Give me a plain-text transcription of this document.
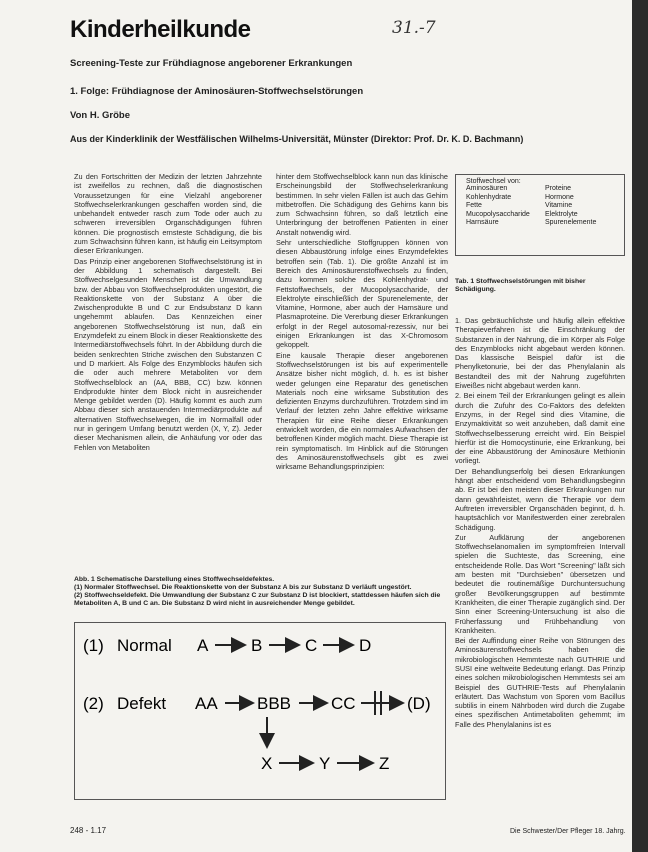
Kinderheilkunde	31.-7
Screening-Teste zur Frühdiagnose angeborener Erkrankungen
1. Folge: Frühdiagnose der Aminosäuren-Stoffwechselstörungen
Von H. Gröbe
Aus der Kinderklinik der Westfälischen Wilhelms-Universität, Münster (Direktor: Prof. Dr. K. D. Bachmann)

Zu den Fortschritten der Medizin der letzten Jahrzehnte ist zweifellos zu rechnen, daß die diagnostischen Voraussetzungen für eine Vielzahl angeborener Stoffwechselerkrankungen geschaffen worden sind, die unbehandelt entweder rasch zum Tode oder auch zu schweren irreversiblen Organschädigungen führen können. Die prognostisch ernsteste Schädigung, die bis zum Schwachsinn führen kann, ist häufig ein Leitsymptom dieser Erkrankungen.

Das Prinzip einer angeborenen Stoffwechselstörung ist in der Abbildung 1 schematisch dargestellt. Bei Stoffwechselgesunden Menschen ist die Umwandlung bzw. der Abbau von Stoffwechselprodukten ungestört, die Reaktionskette von der Substanz A über die Zwischenprodukte B und C zur Endsubstanz D kann ungehemmt ablaufen. Das Kennzeichen einer angeborenen Stoffwechselstörung ist nun, daß ein Enzymdefekt zu einem Block in dieser Reaktionskette des Intermediärstoffwechsels führt. In der Abbildung durch die beiden senkrechten Striche zwischen den Substanzen C und D markiert. Als Folge des Enzymblocks häufen sich die oder auch mehrere Metaboliten vor dem Stoffwechselblock an (AA, BBB, CC) bzw. können Endprodukte hinter dem Block nicht in ausreichender Menge gebildet werden (D). Häufig kommt es auch zum Abbau dieser sich anstauenden Intermediärprodukte auf alternativen Stoffwechselwegen, die im Normalfall oder nur in geringem Umfang benutzt werden (X, Y, Z). Jeder dieser Mechanismen allein, die Anhäufung vor oder das Fehlen von Metaboliten

hinter dem Stoffwechselblock kann nun das klinische Erscheinungsbild der Stoffwechselerkrankung bestimmen. In sehr vielen Fällen ist auch das Gehirn mitbetroffen. Die Schädigung des Gehirns kann bis zum Schwachsinn führen, so daß letztlich eine Unterbringung der betroffenen Patienten in einer Anstalt notwendig wird.

Sehr unterschiedliche Stoffgruppen können von diesen Abbaustörung infolge eines Enzymdefektes betroffen sein (Tab. 1). Die größte Anzahl ist im Bereich des Aminosäurenstoffwechsels zu finden, dazu kommen solche des Kohlenhydrat- und Fettstoffwechsels, der Mucopolysaccharide, der Elektrolyte einschließlich der Spurenelemente, der Vitamine, Hormone, aber auch der Harnsäure und Plasmaproteine. Die Vererbung dieser Erkrankungen erfolgt in der Regel autosomal-rezessiv, nur bei einigen Erkrankungen ist das X-Chromosom gekoppelt.

Eine kausale Therapie dieser angeborenen Stoffwechselstörungen ist bis auf experimentelle Ansätze bisher nicht möglich, d. h. es ist bisher weder gelungen eine Reparatur des genetischen Materials noch eine wirksame Substitution des defizienten Enzyms durchzuführen. Trotzdem sind im Verlauf der letzten zehn Jahre effektive wirksame Therapien für eine Reihe dieser Erkrankungen entwickelt worden, die ein normales Aufwachsen der betroffenen Kinder möglich macht. Diese Therapie ist rein symptomatisch. Im Hinblick auf die Störungen des Aminosäurenstoffwechsels gibt es zwei wirksame Behandlungsprinzipien:

Stoffwechsel von:
Aminosäuren	Proteine
Kohlenhydrate	Hormone
Fette	Vitamine
Mucopolysaccharide	Elektrolyte
Harnsäure	Spurenelemente
Tab. 1 Stoffwechselstörungen mit bisher Schädigung.

1. Das gebräuchlichste und häufig allein effektive Therapieverfahren ist die Einschränkung der Substanzen in der Nahrung, die im Körper als Folge des Enzymblocks nicht abgebaut werden können. Das klassische Beispiel dafür ist die Phenylketonurie, bei der das Phenylalanin als Bestandteil des mit der Nahrung zugeführten Eiweißes nicht abgebaut werden kann.

2. Bei einem Teil der Erkrankungen gelingt es allein durch die Zufuhr des Co-Faktors des defekten Enzyms, in der Regel sind dies Vitamine, die Enzymaktivität so weit anzuheben, daß damit eine Stoffwechselbesserung erreicht wird. Ein Beispiel hierfür ist die Homocystinurie, eine Erkrankung, bei der eine Abbaustörung der Aminosäure Methionin vorliegt.

Der Behandlungserfolg bei diesen Erkrankungen hängt aber entscheidend vom Behandlungsbeginn ab. Er ist bei den meisten dieser Erkrankungen nur dann gewährleistet, wenn die Therapie vor dem Auftreten irreversibler Organschäden beginnt, d. h. hauptsächlich vor Manifestwerden einer zerebralen Schädigung.

Zur Aufklärung der angeborenen Stoffwechselanomalien im symptomfreien Intervall spielen die Suchteste, das Screening, eine entscheidende Rolle. Das Wort "Screening" läßt sich am besten mit "Durchsieben" übersetzen und bedeutet die routinemäßige Durchuntersuchung großer Bevölkerungsgruppen auf bestimmte Krankheiten, die einer Therapie zugänglich sind. Der Sinn einer Screening-Untersuchung ist also die Früherfassung und Frühbehandlung von Krankheiten.

Bei der Auffindung einer Reihe von Störungen des Aminosäurenstoffwechsels haben die mikrobiologischen Hemmteste nach GUTHRIE und SUSI eine weltweite Bedeutung erlangt. Das Prinzip eines solchen mikrobiologischen Hemmtests sei am Beispiel des GUTHRIE-Tests auf Phenylalanin erläutert. Das Wachstum von Sporen vom Bacillus subtilis in einem Nährboden wird durch die Zugabe eines spezifischen Antimetaboliten gehemmt; im Falle des Phenylalanins ist es

Abb. 1 Schematische Darstellung eines Stoffwechseldefektes.
(1) Normaler Stoffwechsel. Die Reaktionskette von der Substanz A bis zur Substanz D verläuft ungestört.
(2) Stoffwechseldefekt. Die Umwandlung der Substanz C zur Substanz D ist blockiert, stattdessen häufen sich die Metaboliten A, B und C an. Die Substanz D wird nicht in ausreichender Menge gebildet.
(1) Normal A	B	C D
(2) Defekt AA BBB CC	(D)
X	Y	Z
248 - 1.17	Die Schwester/Der Pfleger 18. Jahrg.
